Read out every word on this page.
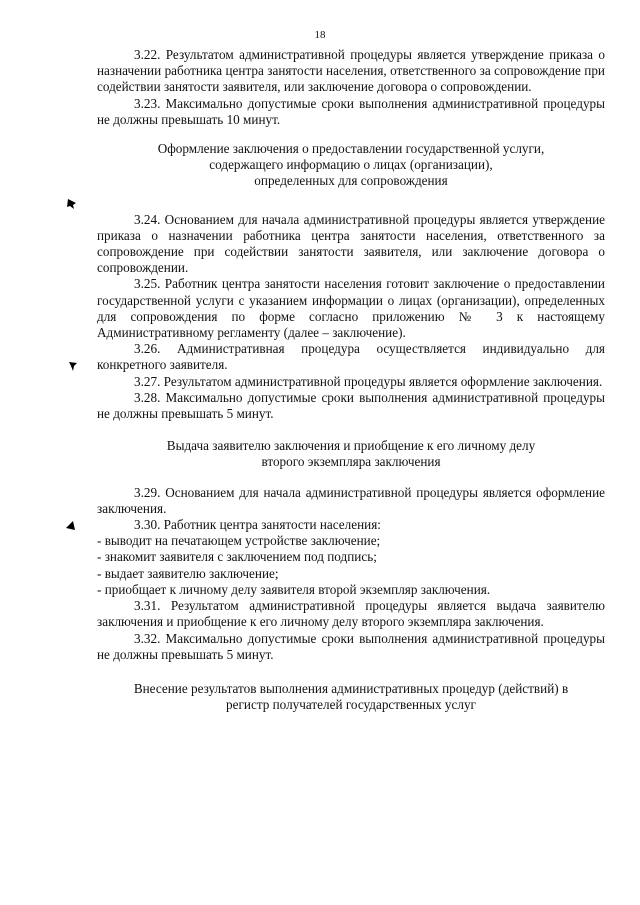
18

3.22. Результатом административной процедуры является утверждение приказа о назначении работника центра занятости населения, ответственного за сопровождение при содействии занятости заявителя, или заключение договора о сопровождении.

3.23. Максимально допустимые сроки выполнения административной процедуры не должны превышать 10 минут.

Оформление заключения о предоставлении государственной услуги,
содержащего информацию о лицах (организации),
определенных для сопровождения

3.24. Основанием для начала административной процедуры является утверждение приказа о назначении работника центра занятости населения, ответственного за сопровождение при содействии занятости заявителя, или заключение договора о сопровождении.

3.25. Работник центра занятости населения готовит заключение о предоставлении государственной услуги с указанием информации о лицах (организации), определенных для сопровождения по форме согласно приложению № 3 к настоящему Административному регламенту (далее – заключение).

3.26. Административная процедура осуществляется индивидуально для конкретного заявителя.

3.27. Результатом административной процедуры является оформление заключения.

3.28. Максимально допустимые сроки выполнения административной процедуры не должны превышать 5 минут.

Выдача заявителю заключения и приобщение к его личному делу
второго экземпляра заключения

3.29. Основанием для начала административной процедуры является оформление заключения.

3.30. Работник центра занятости населения:

- выводит на печатающем устройстве заключение;

- знакомит заявителя с заключением под подпись;

- выдает заявителю заключение;

- приобщает к личному делу заявителя второй экземпляр заключения.

3.31. Результатом административной процедуры является выдача заявителю заключения и приобщение к его личному делу второго экземпляра заключения.

3.32. Максимально допустимые сроки выполнения административной процедуры не должны превышать 5 минут.

Внесение результатов выполнения административных процедур (действий) в
регистр получателей государственных услуг
